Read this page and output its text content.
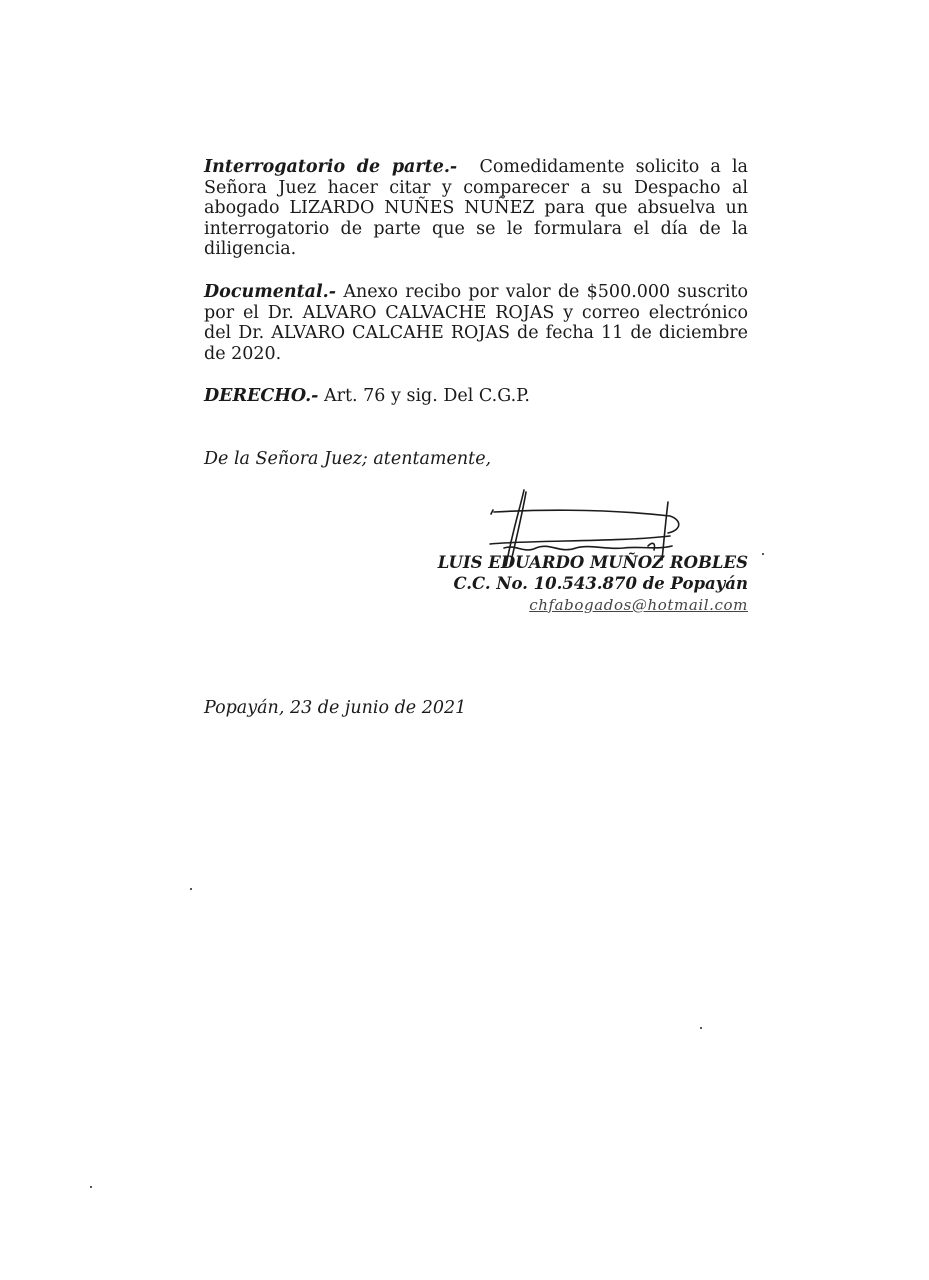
Interrogatorio de parte.- Comedidamente solicito a la Señora Juez hacer citar y comparecer a su Despacho al abogado LIZARDO NUÑES NUÑEZ para que absuelva un interrogatorio de parte que se le formulara el día de la diligencia.

Documental.- Anexo recibo por valor de $500.000 suscrito por el Dr. ALVARO CALVACHE ROJAS y correo electrónico del Dr. ALVARO CALCAHE ROJAS de fecha 11 de diciembre de 2020.

DERECHO.- Art. 76 y sig. Del C.G.P.

De la Señora Juez; atentamente,

LUIS EDUARDO MUÑOZ ROBLES
C.C. No. 10.543.870 de Popayán
chfabogados@hotmail.com
Popayán, 23 de junio de 2021
